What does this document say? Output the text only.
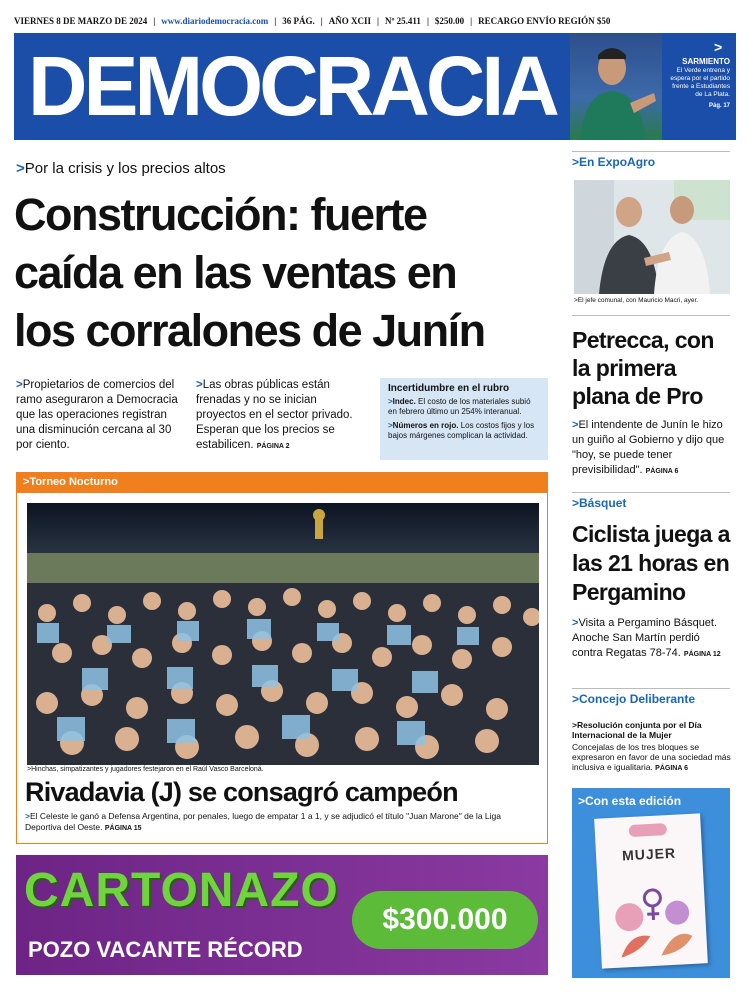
VIERNES 8 DE MARZO DE 2024 | www.diariodemocracia.com | 36 PÁG. | AÑO XCII | Nº 25.411 | $250.00 | RECARGO ENVÍO REGIÓN $50
DEMOCRACIA	>
SARMIENTO
El Verde entrena y espera por el partido frente a Estudiantes de La Plata.
Pág. 17
>Por la crisis y los precios altos
Construcción: fuerte
caída en las ventas en
los corralones de Junín
>Propietarios de comercios del ramo aseguraron a Democracia que las operaciones registran una disminución cercana al 30 por ciento.
>Las obras públicas están frenadas y no se inician proyectos en el sector privado. Esperan que los precios se estabilicen. PÁGINA 2
Incertidumbre en el rubro
>Indec. El costo de los materiales subió en febrero último un 254% interanual.
>Números en rojo. Los costos fijos y los bajos márgenes complican la actividad.
>Torneo Nocturno
>Hinchas, simpatizantes y jugadores festejaron en el Raúl Vasco Barceloná.
Rivadavia (J) se consagró campeón
>El Celeste le ganó a Defensa Argentina, por penales, luego de empatar 1 a 1, y se adjudicó el título "Juan Marone" de la Liga Deportiva del Oeste. PÁGINA 15
CARTONAZO
POZO VACANTE RÉCORD
$300.000
>En ExpoAgro
>El jefe comunal, con Mauricio Macri, ayer.
Petrecca, con la primera plana de Pro
>El intendente de Junín le hizo un guiño al Gobierno y dijo que "hoy, se puede tener previsibilidad". PÁGINA 6
>Básquet
Ciclista juega a las 21 horas en Pergamino
>Visita a Pergamino Básquet. Anoche San Martín perdió contra Regatas 78-74. PÁGINA 12
>Concejo Deliberante
>Resolución conjunta por el Día Internacional de la Mujer
Concejalas de los tres bloques se expresaron en favor de una sociedad más inclusiva e igualitaria. PÁGINA 6
>Con esta edición
MUJER
